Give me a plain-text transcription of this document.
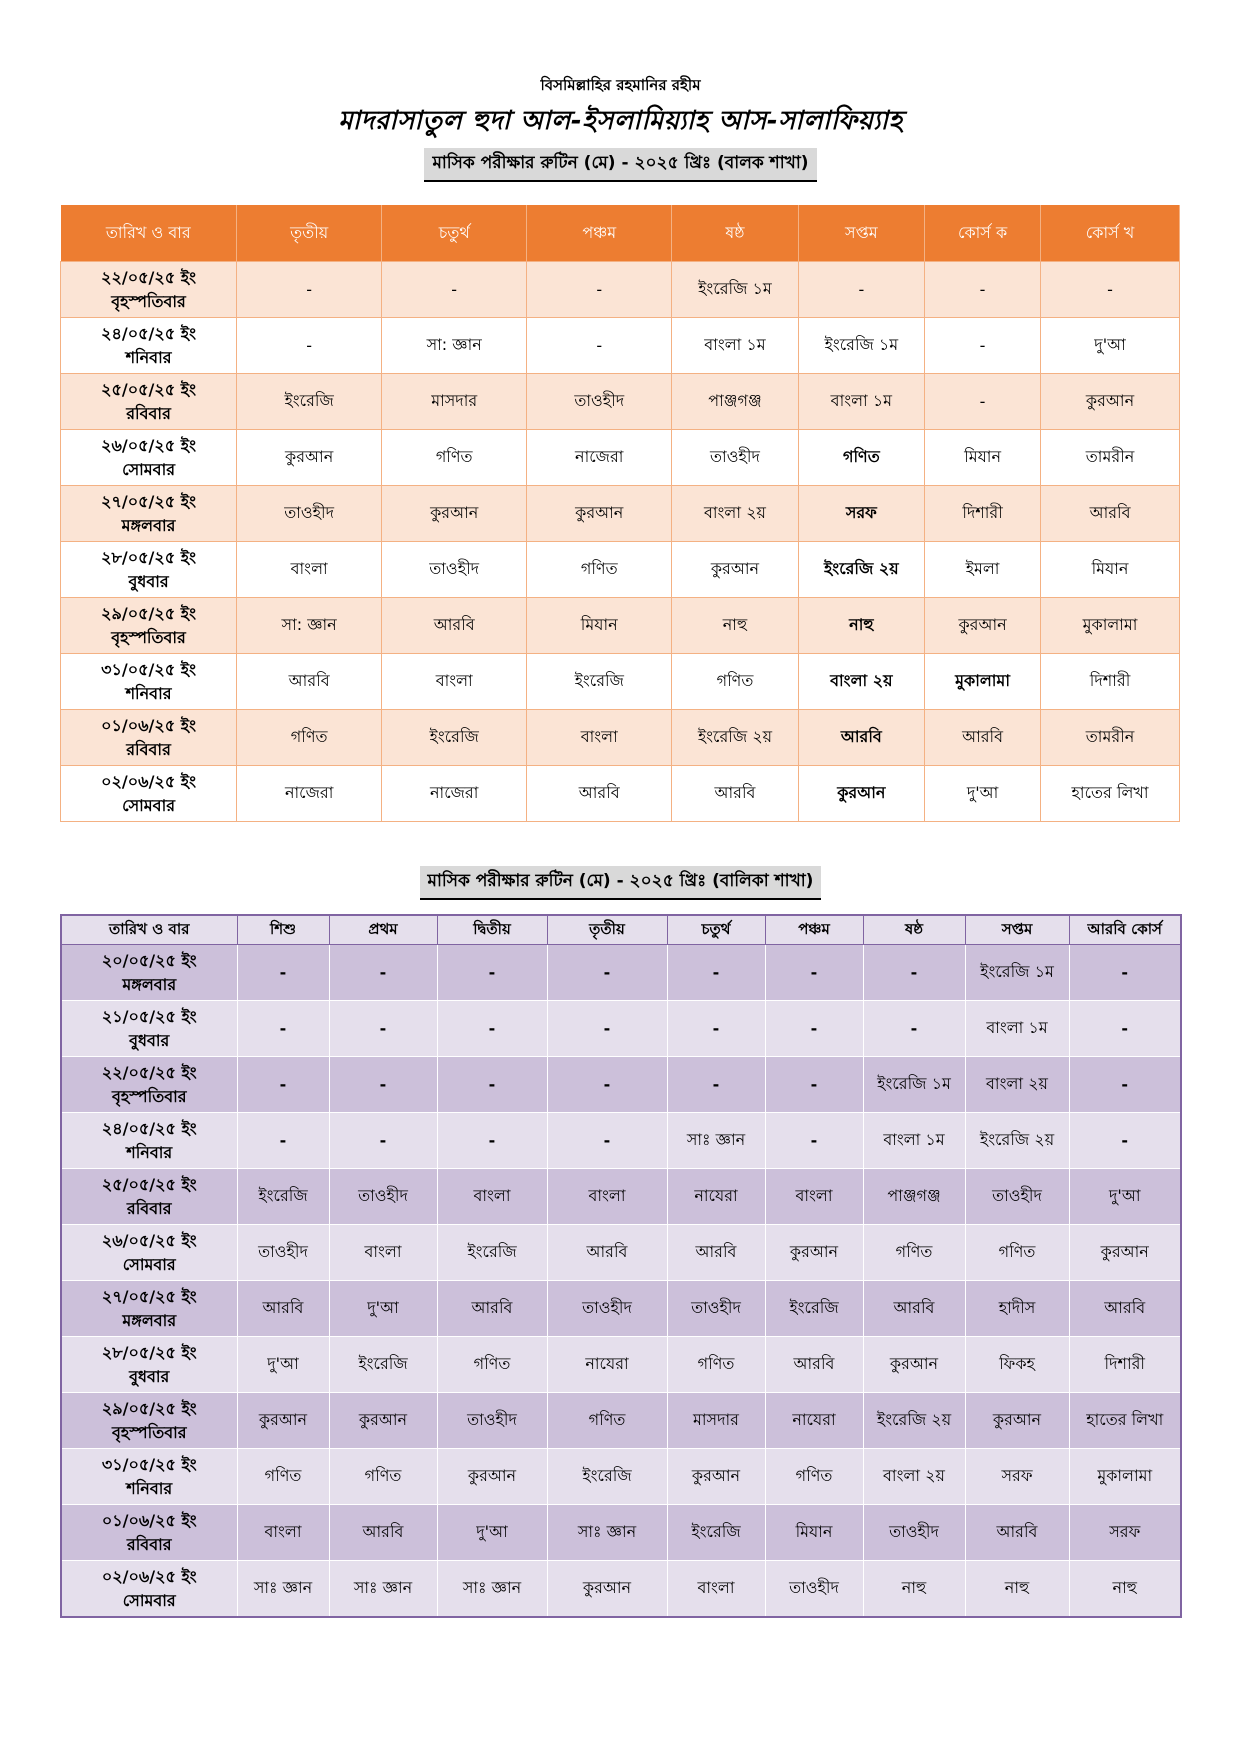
বিসমিল্লাহির রহমানির রহীম
মাদরাসাতুল হুদা আল-ইসলামিয়্যাহ আস-সালাফিয়্যাহ
মাসিক পরীক্ষার রুটিন (মে) - ২০২৫ খ্রিঃ (বালক শাখা)
তারিখ ও বার	তৃতীয়	চতুর্থ	পঞ্চম	ষষ্ঠ	সপ্তম	কোর্স ক	কোর্স খ

২২/০৫/২৫ ইং
বৃহস্পতিবার	-	-	-	ইংরেজি ১ম	-	-	-

২৪/০৫/২৫ ইং
শনিবার	-	সা: জ্ঞান	-	বাংলা ১ম	ইংরেজি ১ম	-	দু'আ

২৫/০৫/২৫ ইং
রবিবার	ইংরেজি	মাসদার	তাওহীদ	পাঞ্জগঞ্জ	বাংলা ১ম	-	কুরআন

২৬/০৫/২৫ ইং
সোমবার	কুরআন	গণিত	নাজেরা	তাওহীদ	গণিত	মিযান	তামরীন

২৭/০৫/২৫ ইং
মঙ্গলবার	তাওহীদ	কুরআন	কুরআন	বাংলা ২য়	সরফ	দিশারী	আরবি

২৮/০৫/২৫ ইং
বুধবার	বাংলা	তাওহীদ	গণিত	কুরআন	ইংরেজি ২য়	ইমলা	মিযান

২৯/০৫/২৫ ইং
বৃহস্পতিবার	সা: জ্ঞান	আরবি	মিযান	নাহু	নাহু	কুরআন	মুকালামা

৩১/০৫/২৫ ইং
শনিবার	আরবি	বাংলা	ইংরেজি	গণিত	বাংলা ২য়	মুকালামা	দিশারী

০১/০৬/২৫ ইং
রবিবার	গণিত	ইংরেজি	বাংলা	ইংরেজি ২য়	আরবি	আরবি	তামরীন

০২/০৬/২৫ ইং
সোমবার	নাজেরা	নাজেরা	আরবি	আরবি	কুরআন	দু'আ	হাতের লিখা
মাসিক পরীক্ষার রুটিন (মে) - ২০২৫ খ্রিঃ (বালিকা শাখা)
তারিখ ও বার	শিশু	প্রথম	দ্বিতীয়	তৃতীয়	চতুর্থ	পঞ্চম	ষষ্ঠ	সপ্তম	আরবি কোর্স

২০/০৫/২৫ ইং
মঙ্গলবার	-	-	-	-	-	-	-	ইংরেজি ১ম	-

২১/০৫/২৫ ইং
বুধবার	-	-	-	-	-	-	-	বাংলা ১ম	-

২২/০৫/২৫ ইং
বৃহস্পতিবার	-	-	-	-	-	-	ইংরেজি ১ম	বাংলা ২য়	-

২৪/০৫/২৫ ইং
শনিবার	-	-	-	-	সাঃ জ্ঞান	-	বাংলা ১ম	ইংরেজি ২য়	-

২৫/০৫/২৫ ইং
রবিবার	ইংরেজি	তাওহীদ	বাংলা	বাংলা	নাযেরা	বাংলা	পাঞ্জগঞ্জ	তাওহীদ	দু'আ

২৬/০৫/২৫ ইং
সোমবার	তাওহীদ	বাংলা	ইংরেজি	আরবি	আরবি	কুরআন	গণিত	গণিত	কুরআন

২৭/০৫/২৫ ইং
মঙ্গলবার	আরবি	দু'আ	আরবি	তাওহীদ	তাওহীদ	ইংরেজি	আরবি	হাদীস	আরবি

২৮/০৫/২৫ ইং
বুধবার	দু'আ	ইংরেজি	গণিত	নাযেরা	গণিত	আরবি	কুরআন	ফিকহ	দিশারী

২৯/০৫/২৫ ইং
বৃহস্পতিবার	কুরআন	কুরআন	তাওহীদ	গণিত	মাসদার	নাযেরা	ইংরেজি ২য়	কুরআন	হাতের লিখা

৩১/০৫/২৫ ইং
শনিবার	গণিত	গণিত	কুরআন	ইংরেজি	কুরআন	গণিত	বাংলা ২য়	সরফ	মুকালামা

০১/০৬/২৫ ইং
রবিবার	বাংলা	আরবি	দু'আ	সাঃ জ্ঞান	ইংরেজি	মিযান	তাওহীদ	আরবি	সরফ

০২/০৬/২৫ ইং
সোমবার	সাঃ জ্ঞান	সাঃ জ্ঞান	সাঃ জ্ঞান	কুরআন	বাংলা	তাওহীদ	নাহু	নাহু	নাহু
